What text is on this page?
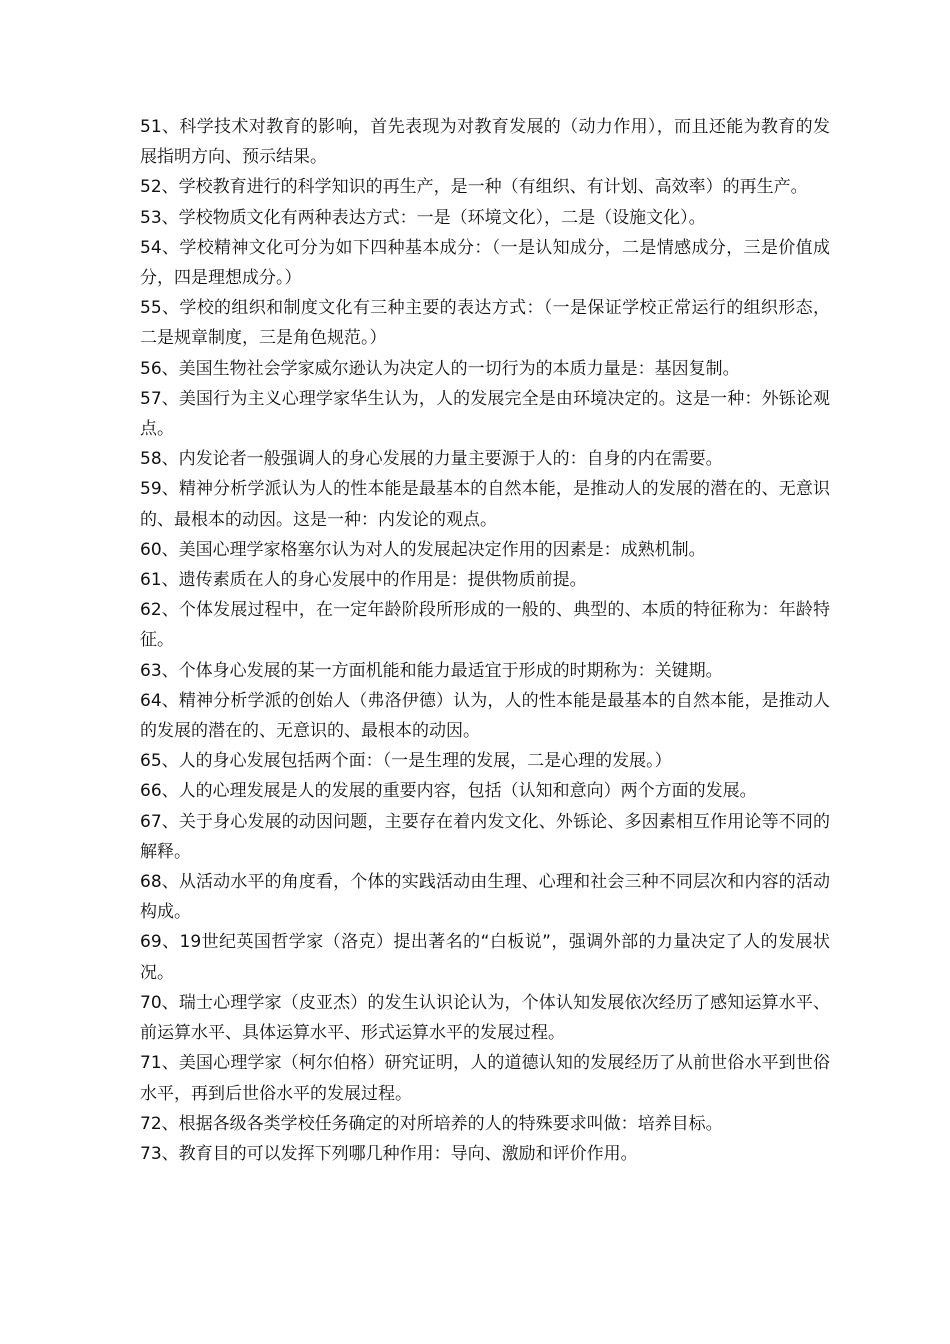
51、科学技术对教育的影响，首先表现为对教育发展的（动力作用），而且还能为教育的发展指明方向、预示结果。

52、学校教育进行的科学知识的再生产，是一种（有组织、有计划、高效率）的再生产。

53、学校物质文化有两种表达方式：一是（环境文化），二是（设施文化）。

54、学校精神文化可分为如下四种基本成分：（一是认知成分，二是情感成分，三是价值成分，四是理想成分。）

55、学校的组织和制度文化有三种主要的表达方式：（一是保证学校正常运行的组织形态，二是规章制度，三是角色规范。）

56、美国生物社会学家威尔逊认为决定人的一切行为的本质力量是：基因复制。

57、美国行为主义心理学家华生认为，人的发展完全是由环境决定的。这是一种：外铄论观点。

58、内发论者一般强调人的身心发展的力量主要源于人的：自身的内在需要。

59、精神分析学派认为人的性本能是最基本的自然本能，是推动人的发展的潜在的、无意识的、最根本的动因。这是一种：内发论的观点。

60、美国心理学家格塞尔认为对人的发展起决定作用的因素是：成熟机制。

61、遗传素质在人的身心发展中的作用是：提供物质前提。

62、个体发展过程中，在一定年龄阶段所形成的一般的、典型的、本质的特征称为：年龄特征。

63、个体身心发展的某一方面机能和能力最适宜于形成的时期称为：关键期。

64、精神分析学派的创始人（弗洛伊德）认为，人的性本能是最基本的自然本能，是推动人的发展的潜在的、无意识的、最根本的动因。

65、人的身心发展包括两个面：（一是生理的发展，二是心理的发展。）

66、人的心理发展是人的发展的重要内容，包括（认知和意向）两个方面的发展。

67、关于身心发展的动因问题，主要存在着内发文化、外铄论、多因素相互作用论等不同的解释。

68、从活动水平的角度看，个体的实践活动由生理、心理和社会三种不同层次和内容的活动构成。

69、19世纪英国哲学家（洛克）提出著名的“白板说”，强调外部的力量决定了人的发展状况。

70、瑞士心理学家（皮亚杰）的发生认识论认为，个体认知发展依次经历了感知运算水平、前运算水平、具体运算水平、形式运算水平的发展过程。

71、美国心理学家（柯尔伯格）研究证明，人的道德认知的发展经历了从前世俗水平到世俗水平，再到后世俗水平的发展过程。

72、根据各级各类学校任务确定的对所培养的人的特殊要求叫做：培养目标。

73、教育目的可以发挥下列哪几种作用：导向、激励和评价作用。
